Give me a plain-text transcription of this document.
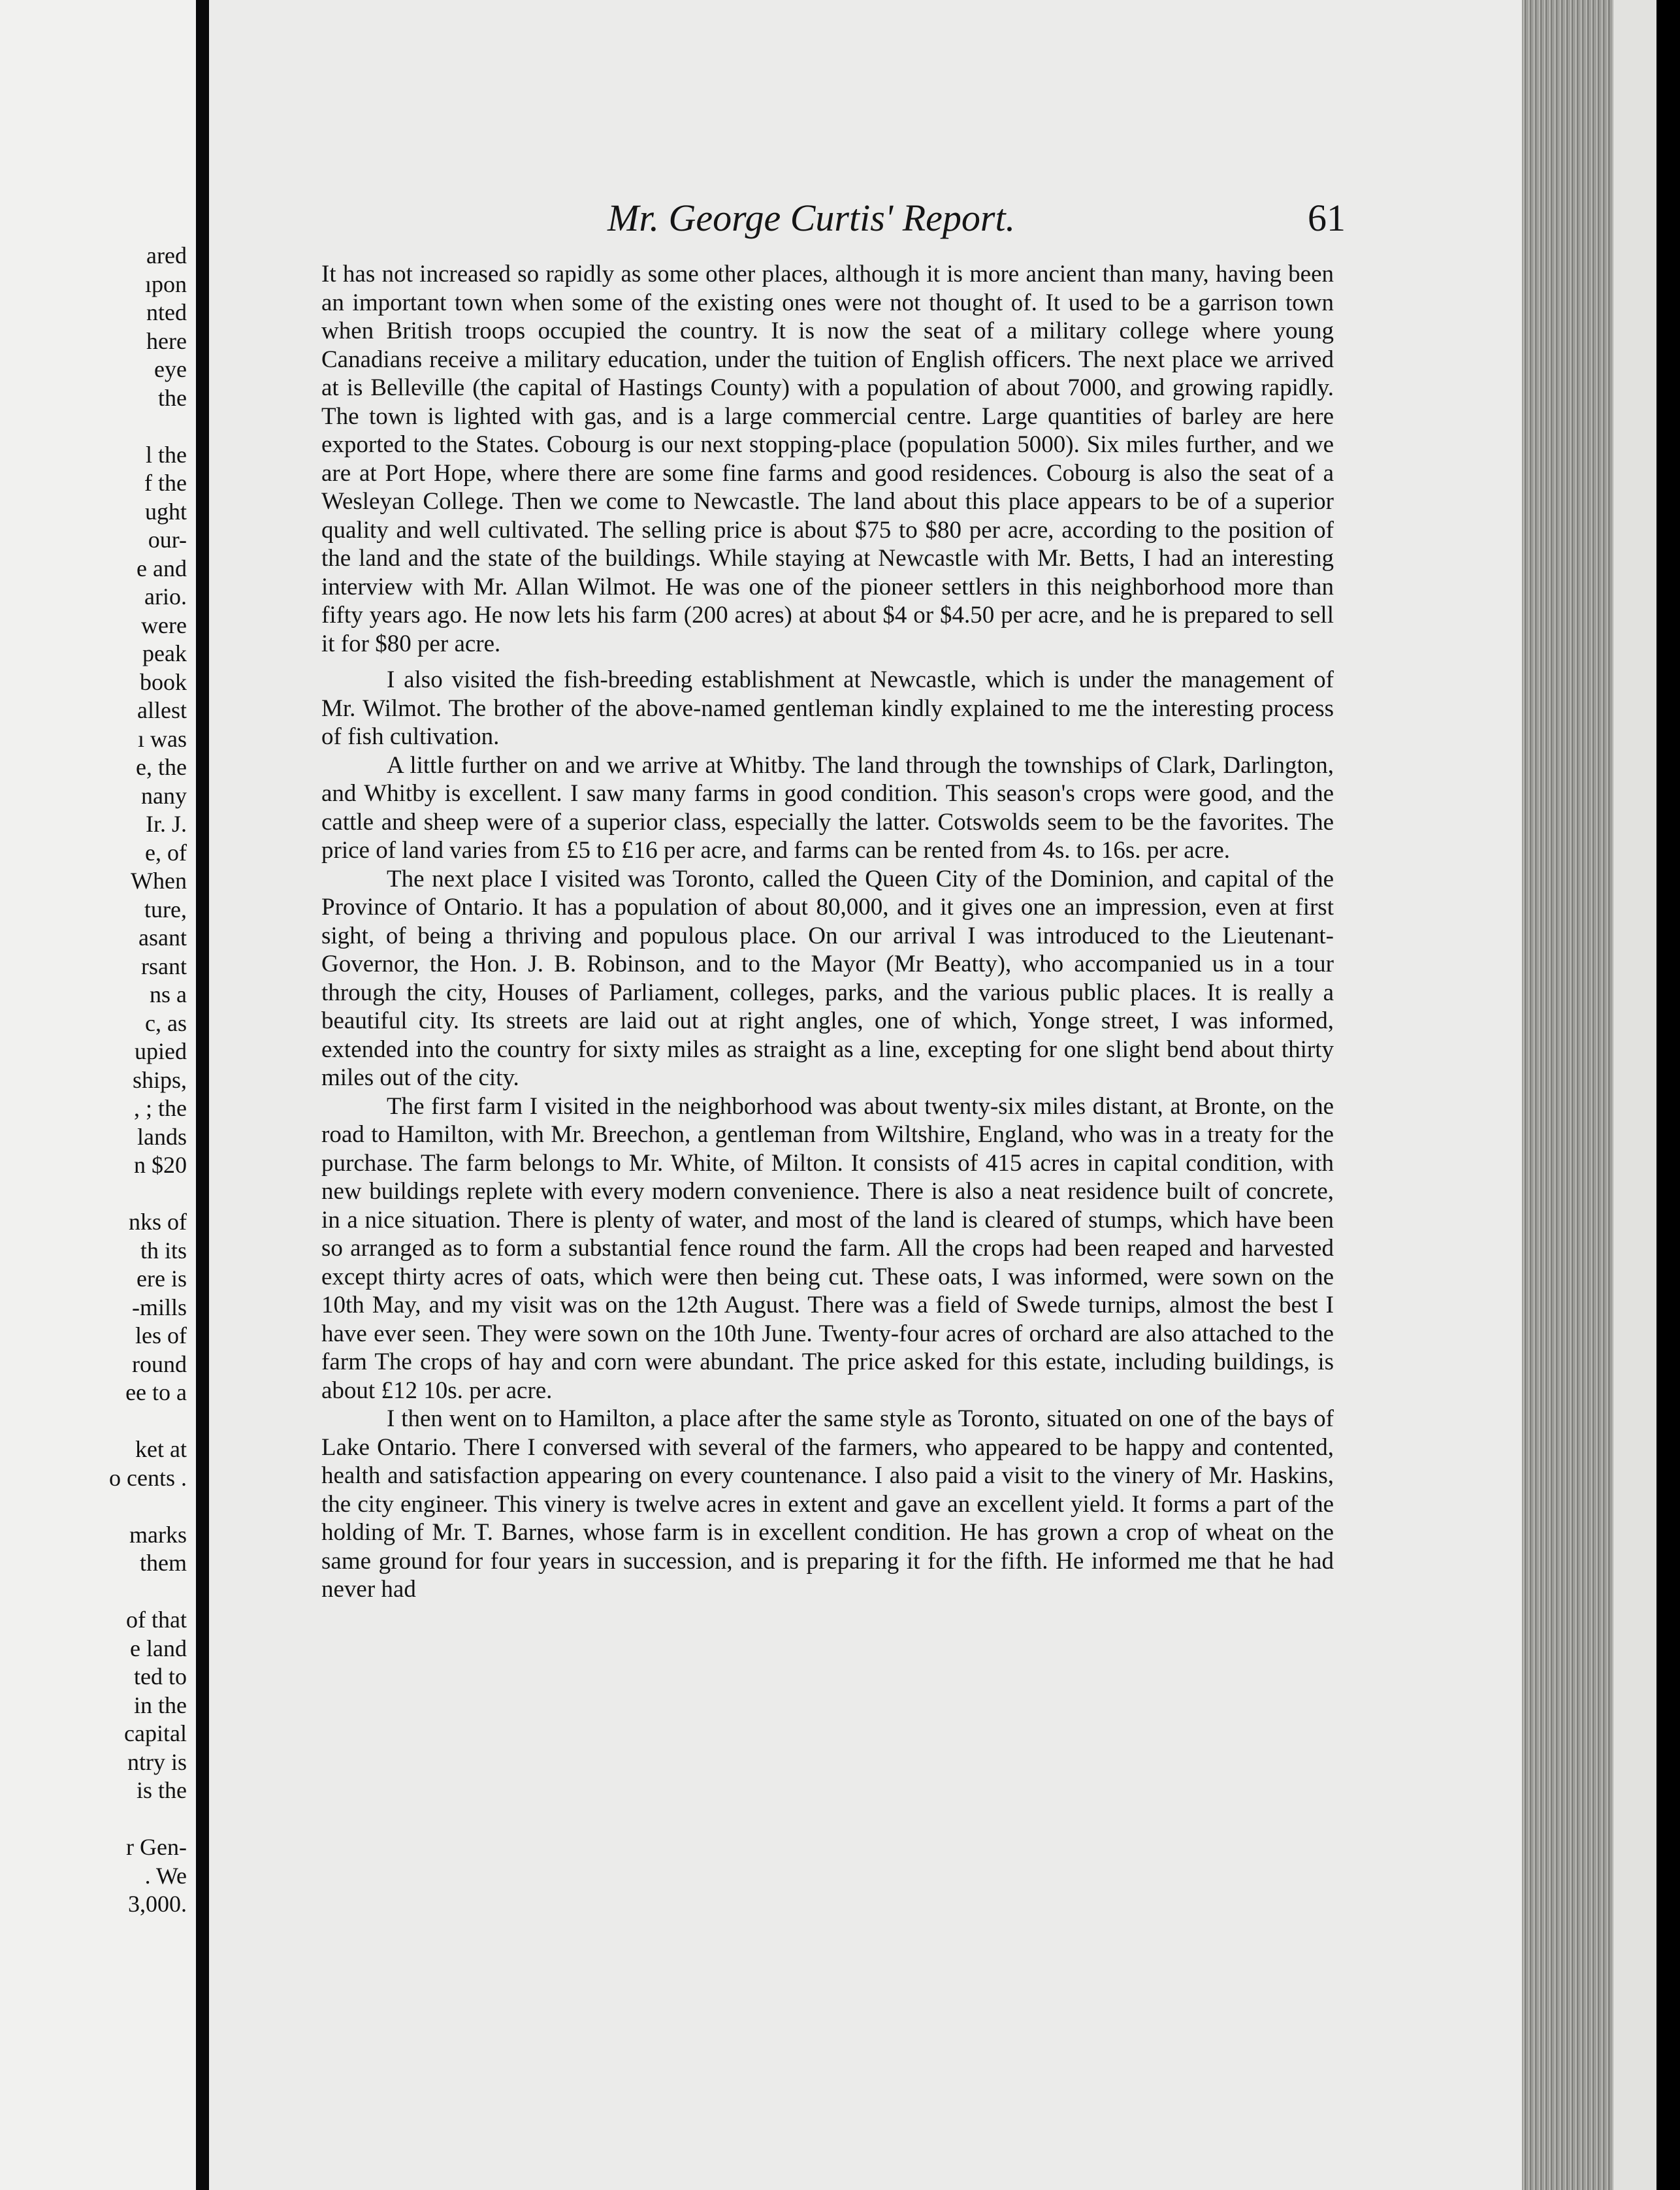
ared
ıpon
nted
here
eye
the
l the
f the
ught
our-
e and
ario.
were
peak
book
allest
ı was
e, the
nany
Ir. J.
e, of
When
ture,
asant
rsant
ns a
c, as
upied
ships,
, ; the
lands
n $20
nks of
th its
ere is
-mills
les of
round
ee to a
ket at
o cents .
marks
them
of that
e land
ted to
in the
capital
ntry is
is the
r Gen-
. We
3,000.
Mr. George Curtis' Report.	61

It has not increased so rapidly as some other places, although it is more ancient than many, having been an important town when some of the existing ones were not thought of. It used to be a garrison town when British troops occupied the country. It is now the seat of a military college where young Canadians receive a military education, under the tuition of English officers. The next place we arrived at is Belleville (the capital of Hastings County) with a population of about 7000, and growing rapidly. The town is lighted with gas, and is a large commercial centre. Large quantities of barley are here exported to the States. Cobourg is our next stopping-place (population 5000). Six miles further, and we are at Port Hope, where there are some fine farms and good residences. Cobourg is also the seat of a Wesleyan College. Then we come to Newcastle. The land about this place appears to be of a superior quality and well cultivated. The selling price is about $75 to $80 per acre, according to the position of the land and the state of the buildings. While staying at Newcastle with Mr. Betts, I had an interesting interview with Mr. Allan Wilmot. He was one of the pioneer settlers in this neighborhood more than fifty years ago. He now lets his farm (200 acres) at about $4 or $4.50 per acre, and he is prepared to sell it for $80 per acre.

I also visited the fish-breeding establishment at Newcastle, which is under the management of Mr. Wilmot. The brother of the above-named gentleman kindly explained to me the interesting process of fish cultivation.

A little further on and we arrive at Whitby. The land through the townships of Clark, Darlington, and Whitby is excellent. I saw many farms in good condition. This season's crops were good, and the cattle and sheep were of a superior class, especially the latter. Cotswolds seem to be the favorites. The price of land varies from £5 to £16 per acre, and farms can be rented from 4s. to 16s. per acre.

The next place I visited was Toronto, called the Queen City of the Dominion, and capital of the Province of Ontario. It has a population of about 80,000, and it gives one an impression, even at first sight, of being a thriving and populous place. On our arrival I was introduced to the Lieutenant-Governor, the Hon. J. B. Robinson, and to the Mayor (Mr Beatty), who accompanied us in a tour through the city, Houses of Parliament, colleges, parks, and the various public places. It is really a beautiful city. Its streets are laid out at right angles, one of which, Yonge street, I was informed, extended into the country for sixty miles as straight as a line, excepting for one slight bend about thirty miles out of the city.

The first farm I visited in the neighborhood was about twenty-six miles distant, at Bronte, on the road to Hamilton, with Mr. Breechon, a gentleman from Wiltshire, England, who was in a treaty for the purchase. The farm belongs to Mr. White, of Milton. It consists of 415 acres in capital condition, with new buildings replete with every modern convenience. There is also a neat residence built of concrete, in a nice situation. There is plenty of water, and most of the land is cleared of stumps, which have been so arranged as to form a substantial fence round the farm. All the crops had been reaped and harvested except thirty acres of oats, which were then being cut. These oats, I was informed, were sown on the 10th May, and my visit was on the 12th August. There was a field of Swede turnips, almost the best I have ever seen. They were sown on the 10th June. Twenty-four acres of orchard are also attached to the farm The crops of hay and corn were abundant. The price asked for this estate, including buildings, is about £12 10s. per acre.

I then went on to Hamilton, a place after the same style as Toronto, situated on one of the bays of Lake Ontario. There I conversed with several of the farmers, who appeared to be happy and contented, health and satisfaction appearing on every countenance. I also paid a visit to the vinery of Mr. Haskins, the city engineer. This vinery is twelve acres in extent and gave an excellent yield. It forms a part of the holding of Mr. T. Barnes, whose farm is in excellent condition. He has grown a crop of wheat on the same ground for four years in succession, and is preparing it for the fifth. He informed me that he had never had
